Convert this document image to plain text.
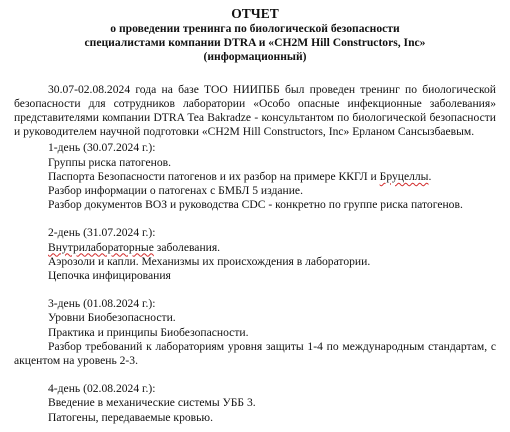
ОТЧЕТ

о проведении тренинга по биологической безопасности

специалистами компании DTRA и «CH2M Hill Constructors, Inc»

(информационный)

30.07-02.08.2024 года на базе ТОО НИИПББ был проведен тренинг по биологической безопасности для сотрудников лаборатории «Особо опасные инфекционные заболевания» представителями компании DTRA Tea Bakradze - консультантом по биологической безопасности и руководителем научной подготовки «CH2M Hill Constructors, Inc» Ерланом Сансызбаевым.

1-день (30.07.2024 г.):

Группы риска патогенов.

Паспорта Безопасности патогенов и их разбор на примере ККГЛ и Бруцеллы.

Разбор информации о патогенах с БМБЛ 5 издание.

Разбор документов ВОЗ и руководства CDC - конкретно по группе риска патогенов.

2-день (31.07.2024 г.):

Внутрилабораторные заболевания.

Аэрозоли и капли. Механизмы их происхождения в лаборатории.

Цепочка инфицирования

3-день (01.08.2024 г.):

Уровни Биобезопасности.

Практика и принципы Биобезопасности.

Разбор требований к лабораториям уровня защиты 1-4 по международным стандартам, с акцентом на уровень 2-3.

4-день (02.08.2024 г.):

Введение в механические системы УББ 3.

Патогены, передаваемые кровью.
